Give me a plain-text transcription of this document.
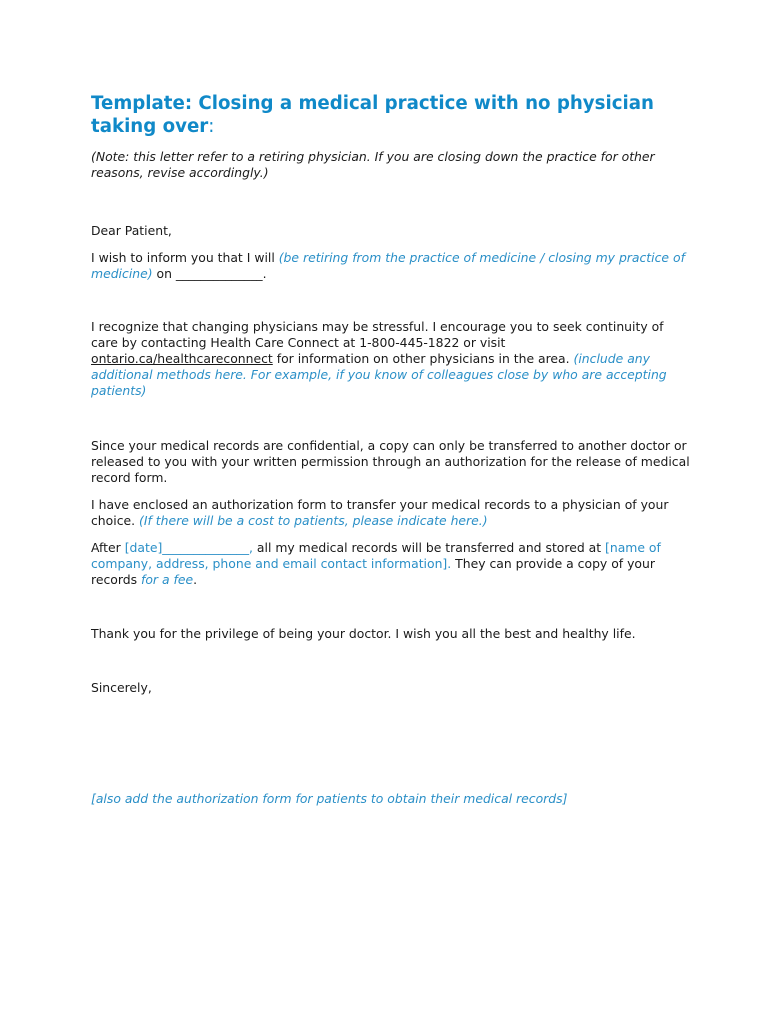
Template: Closing a medical practice with no physician taking over:

(Note: this letter refer to a retiring physician. If you are closing down the practice for other reasons, revise accordingly.)

Dear Patient,

I wish to inform you that I will (be retiring from the practice of medicine / closing my practice of medicine) on ______________.

I recognize that changing physicians may be stressful. I encourage you to seek continuity of care by contacting Health Care Connect at 1-800-445-1822 or visit ontario.ca/healthcareconnect for information on other physicians in the area. (include any additional methods here. For example, if you know of colleagues close by who are accepting patients)

Since your medical records are confidential, a copy can only be transferred to another doctor or released to you with your written permission through an authorization for the release of medical record form.

I have enclosed an authorization form to transfer your medical records to a physician of your choice. (If there will be a cost to patients, please indicate here.)

After [date]______________, all my medical records will be transferred and stored at [name of company, address, phone and email contact information]. They can provide a copy of your records for a fee.

Thank you for the privilege of being your doctor. I wish you all the best and healthy life.

Sincerely,

[also add the authorization form for patients to obtain their medical records]
